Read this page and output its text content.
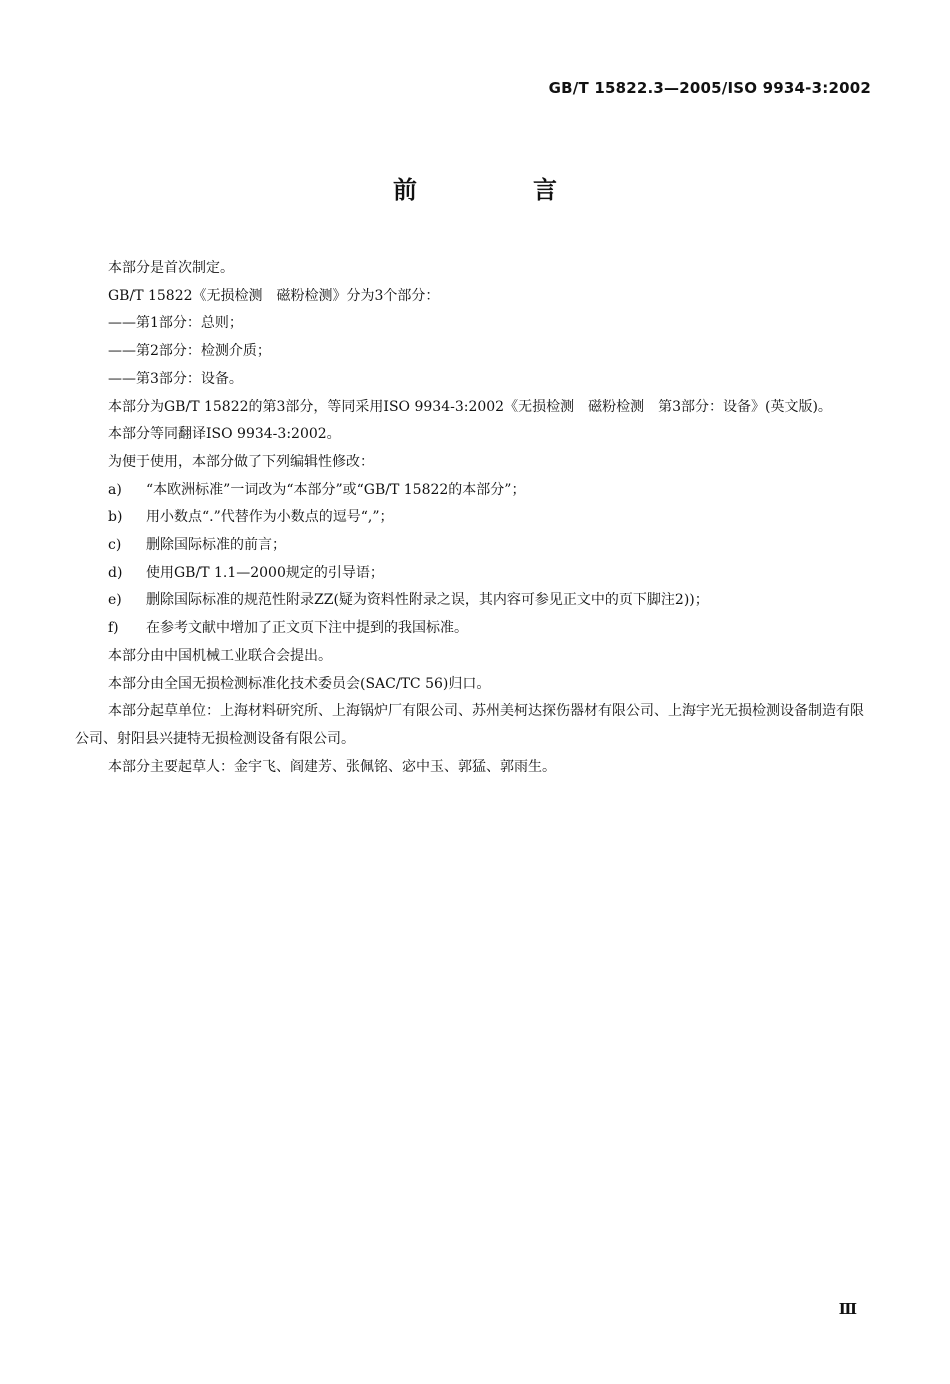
GB/T 15822.3—2005/ISO 9934-3:2002
前　言

本部分是首次制定。

GB/T 15822《无损检测　磁粉检测》分为3个部分：

——第1部分：总则；

——第2部分：检测介质；

——第3部分：设备。

本部分为GB/T 15822的第3部分，等同采用ISO 9934-3:2002《无损检测　磁粉检测　第3部分：设备》(英文版)。

本部分等同翻译ISO 9934-3:2002。

为便于使用，本部分做了下列编辑性修改：

a) “本欧洲标准”一词改为“本部分”或“GB/T 15822的本部分”；

b) 用小数点“.”代替作为小数点的逗号“,”；

c) 删除国际标准的前言；

d) 使用GB/T 1.1—2000规定的引导语；

e) 删除国际标准的规范性附录ZZ(疑为资料性附录之误，其内容可参见正文中的页下脚注2))；

f) 在参考文献中增加了正文页下注中提到的我国标准。

本部分由中国机械工业联合会提出。

本部分由全国无损检测标准化技术委员会(SAC/TC 56)归口。

本部分起草单位：上海材料研究所、上海锅炉厂有限公司、苏州美柯达探伤器材有限公司、上海宇光无损检测设备制造有限公司、射阳县兴捷特无损检测设备有限公司。

本部分主要起草人：金宇飞、阎建芳、张佩铭、宓中玉、郭猛、郭雨生。

Ⅲ
